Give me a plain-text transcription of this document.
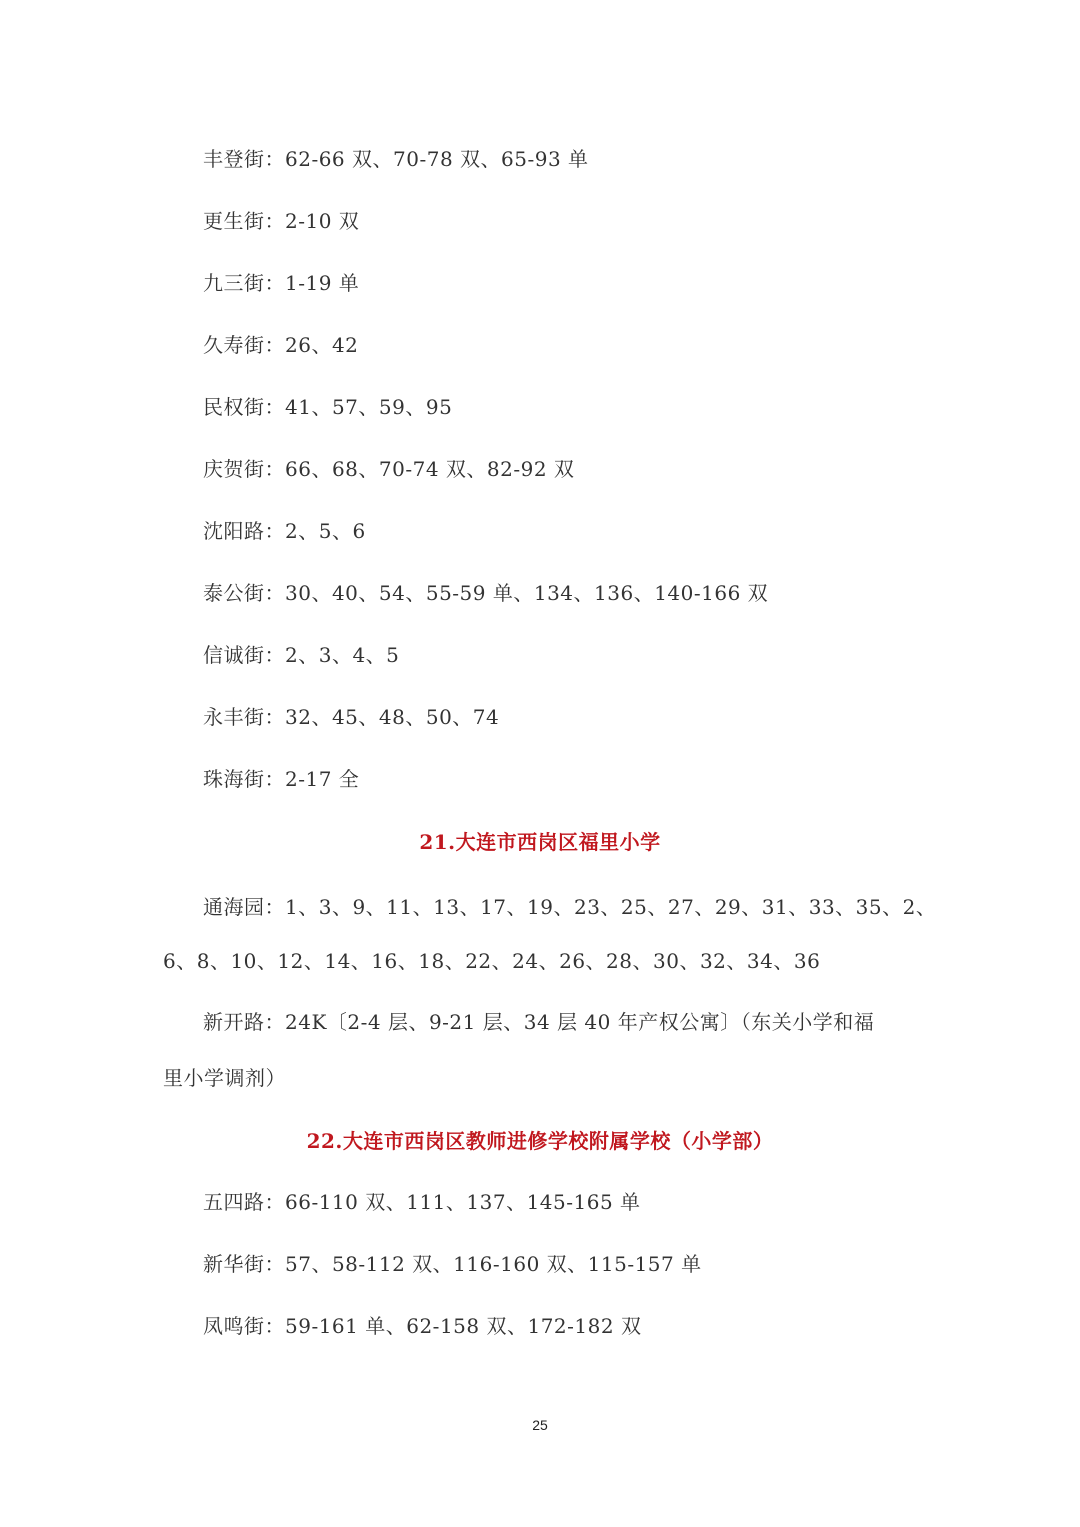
丰登街：62-66 双、70-78 双、65-93 单
更生街：2-10 双
九三街：1-19 单
久寿街：26、42
民权街：41、57、59、95
庆贺街：66、68、70-74 双、82-92 双
沈阳路：2、5、6
泰公街：30、40、54、55-59 单、134、136、140-166 双
信诚街：2、3、4、5
永丰街：32、45、48、50、74
珠海街：2-17 全
21.大连市西岗区福里小学
通海园：1、3、9、11、13、17、19、23、25、27、29、31、33、35、2、
6、8、10、12、14、16、18、22、24、26、28、30、32、34、36
新开路：24K〔2-4 层、9-21 层、34 层 40 年产权公寓〕（东关小学和福
里小学调剂）
22.大连市西岗区教师进修学校附属学校（小学部）
五四路：66-110 双、111、137、145-165 单
新华街：57、58-112 双、116-160 双、115-157 单
凤鸣街：59-161 单、62-158 双、172-182 双
25
